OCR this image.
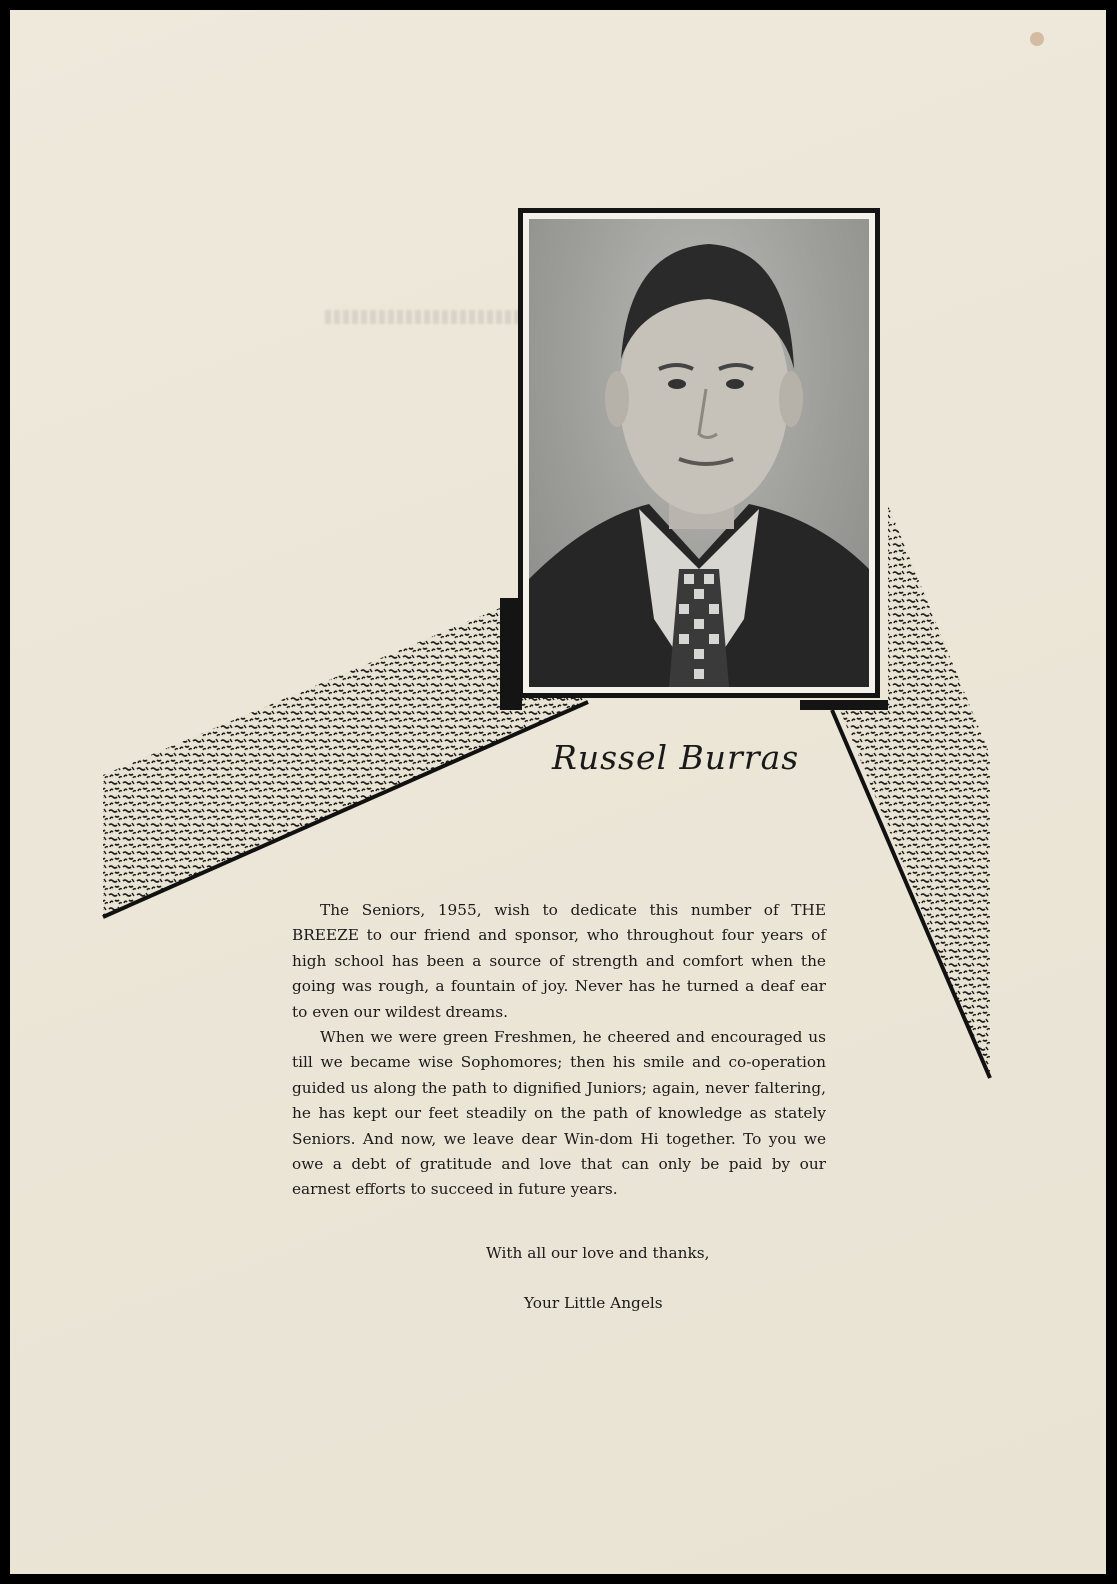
Russel Burras

The Seniors, 1955, wish to dedicate this number of THE BREEZE to our friend and sponsor, who throughout four years of high school has been a source of strength and comfort when the going was rough, a fountain of joy. Never has he turned a deaf ear to even our wildest dreams.

When we were green Freshmen, he cheered and encouraged us till we became wise Sophomores; then his smile and co-operation guided us along the path to dignified Juniors; again, never faltering, he has kept our feet steadily on the path of knowledge as stately Seniors. And now, we leave dear Win-dom Hi together. To you we owe a debt of gratitude and love that can only be paid by our earnest efforts to succeed in future years.

With all our love and thanks,
Your Little Angels
